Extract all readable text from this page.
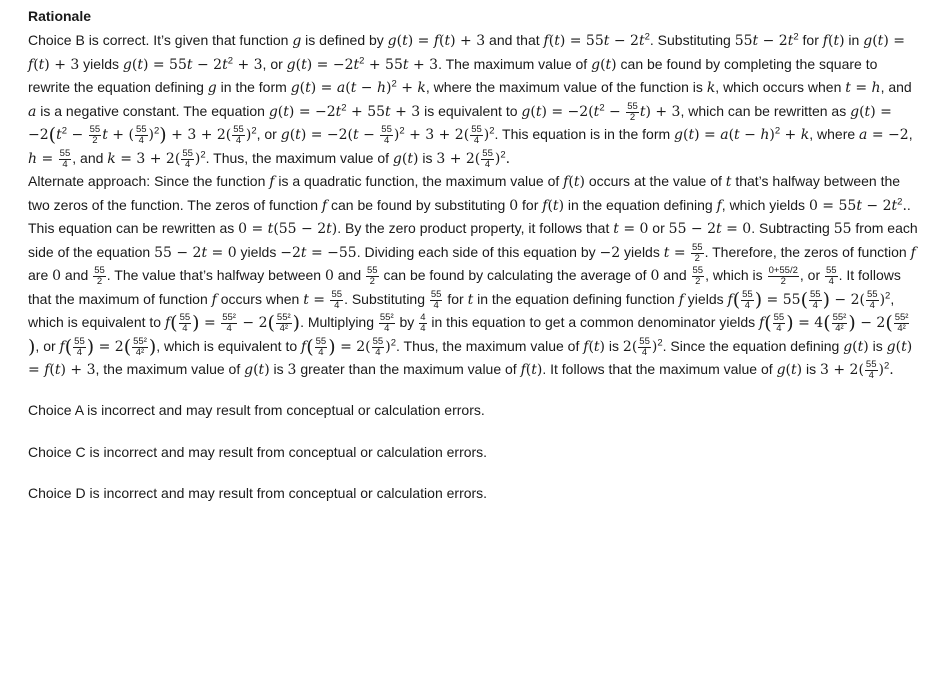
Rationale

Choice B is correct. It’s given that function g is defined by g(t) = f(t) + 3 and that $f(t) = 55t - 2t^2$. Substituting $55t - 2t^2$ for f(t) in g(t) = f(t) + 3 yields $g(t) = 55t - 2t^2 + 3$, or $g(t) = -2t^2 + 55t + 3$. The maximum value of g(t) can be found by completing the square to rewrite the equation defining g in the form $g(t) = a(t - h)^2 + k$, where the maximum value of the function is k, which occurs when t = h, and a is a negative constant. The equation $g(t) = -2t^2 + 55t + 3$ is equivalent to $g(t) = -2(t^2 - \frac{55}{2} t) + 3$, which can be rewritten as $g(t) = -2(t^2 - \frac{55}{2}$ t + ( $\frac{55}{4} )^2) + 3 + 2( \frac{55}{4} )^2$, or $g(t) = -2(t - \frac{55}{4} )^2 + 3 + 2( \frac{55}{4} )^2$. This equation is in the form $g(t) = a(t - h)^2 + k$, where a = −2, $h = \frac{55}{4}$ , and $k = 3 + 2( \frac{55}{4} )^2$. Thus, the maximum value of g(t) is $3 + 2( \frac{55}{4} )^2$.

Alternate approach: Since the function f is a quadratic function, the maximum value of f(t) occurs at the value of t that’s halfway between the two zeros of the function. The zeros of function f can be found by substituting 0 for f(t) in the equation defining f, which yields $0 = 55t - 2t^2$.. This equation can be rewritten as 0 = t(55 − 2t). By the zero product property, it follows that t = 0 or 55 − 2t = 0. Subtracting 55 from each side of the equation 55 − 2t = 0 yields −2t = −55. Dividing each side of this equation by −2 yields $t = \frac{55}{2}$ . Therefore, the zeros of function f are 0 and $\frac{55}{2}$ . The value that’s halfway between 0 and $\frac{55}{2}$ can be found by calculating the average of 0 and $\frac{55}{2}$ , which is $\frac{0+55/2}{2}$ , or $\frac{55}{4}$ . It follows that the maximum of function f occurs when $t = \frac{55}{4}$ . Substituting $\frac{55}{4}$ for t in the equation defining function f yields $f( \frac{55}{4}$ ) = $55( \frac{55}{4}$ ) − $2( \frac{55}{4} )^2$, which is equivalent to $f( \frac{55}{4}$ ) = $\frac{\text{55²}}{4} - 2( \frac{\text{55²}}{\text{4²}}$ ). Multiplying $\frac{\text{55²}}{4}$ by $\frac{4}{4}$ in this equation to get a common denominator yields $f( \frac{55}{4}$ ) = $4( \frac{\text{55²}}{\text{4²}}$ ) − $2( \frac{\text{55²}}{\text{4²}}$
), or $f( \frac{55}{4}$ ) = $2( \frac{\text{55²}}{\text{4²}}$ ), which is equivalent to $f( \frac{55}{4}$ ) = $2( \frac{55}{4} )^2$. Thus, the maximum value of f(t) is $2( \frac{55}{4} )^2$. Since the equation defining g(t) is g(t) = f(t) + 3, the maximum value of g(t) is 3 greater than the maximum value of f(t). It follows that the maximum value of g(t) is $3 + 2( \frac{55}{4} )^2$.

Choice A is incorrect and may result from conceptual or calculation errors.

Choice C is incorrect and may result from conceptual or calculation errors.

Choice D is incorrect and may result from conceptual or calculation errors.
